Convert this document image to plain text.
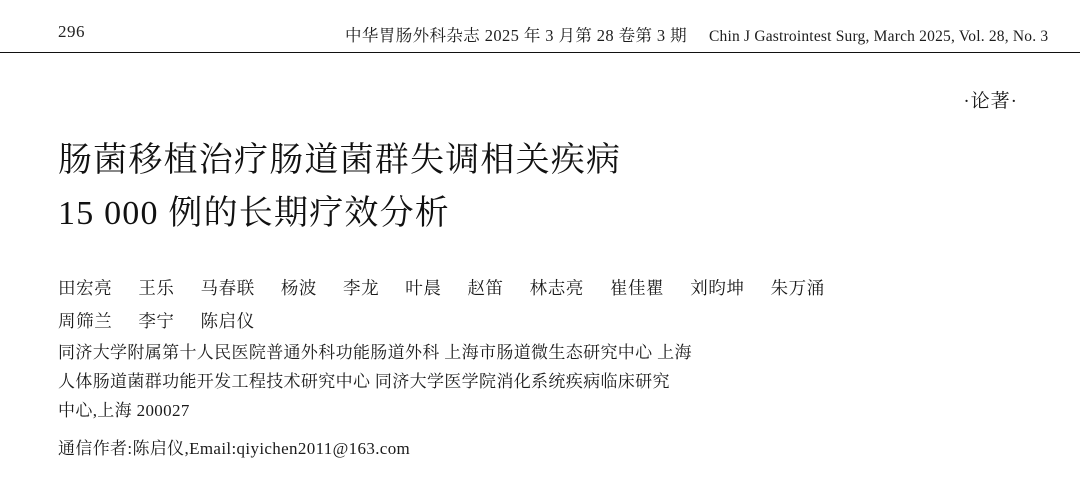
296	中华胃肠外科杂志 2025 年 3 月第 28 卷第 3 期 Chin J Gastrointest Surg, March 2025, Vol. 28, No. 3
·论著·
肠菌移植治疗肠道菌群失调相关疾病
15 000 例的长期疗效分析
田宏亮 王乐 马春联 杨波 李龙 叶晨 赵笛 林志亮 崔佳瞿 刘昀坤 朱万涌
周筛兰 李宁 陈启仪
同济大学附属第十人民医院普通外科功能肠道外科 上海市肠道微生态研究中心 上海
人体肠道菌群功能开发工程技术研究中心 同济大学医学院消化系统疾病临床研究
中心,上海 200027
通信作者:陈启仪,Email:qiyichen2011@163.com
